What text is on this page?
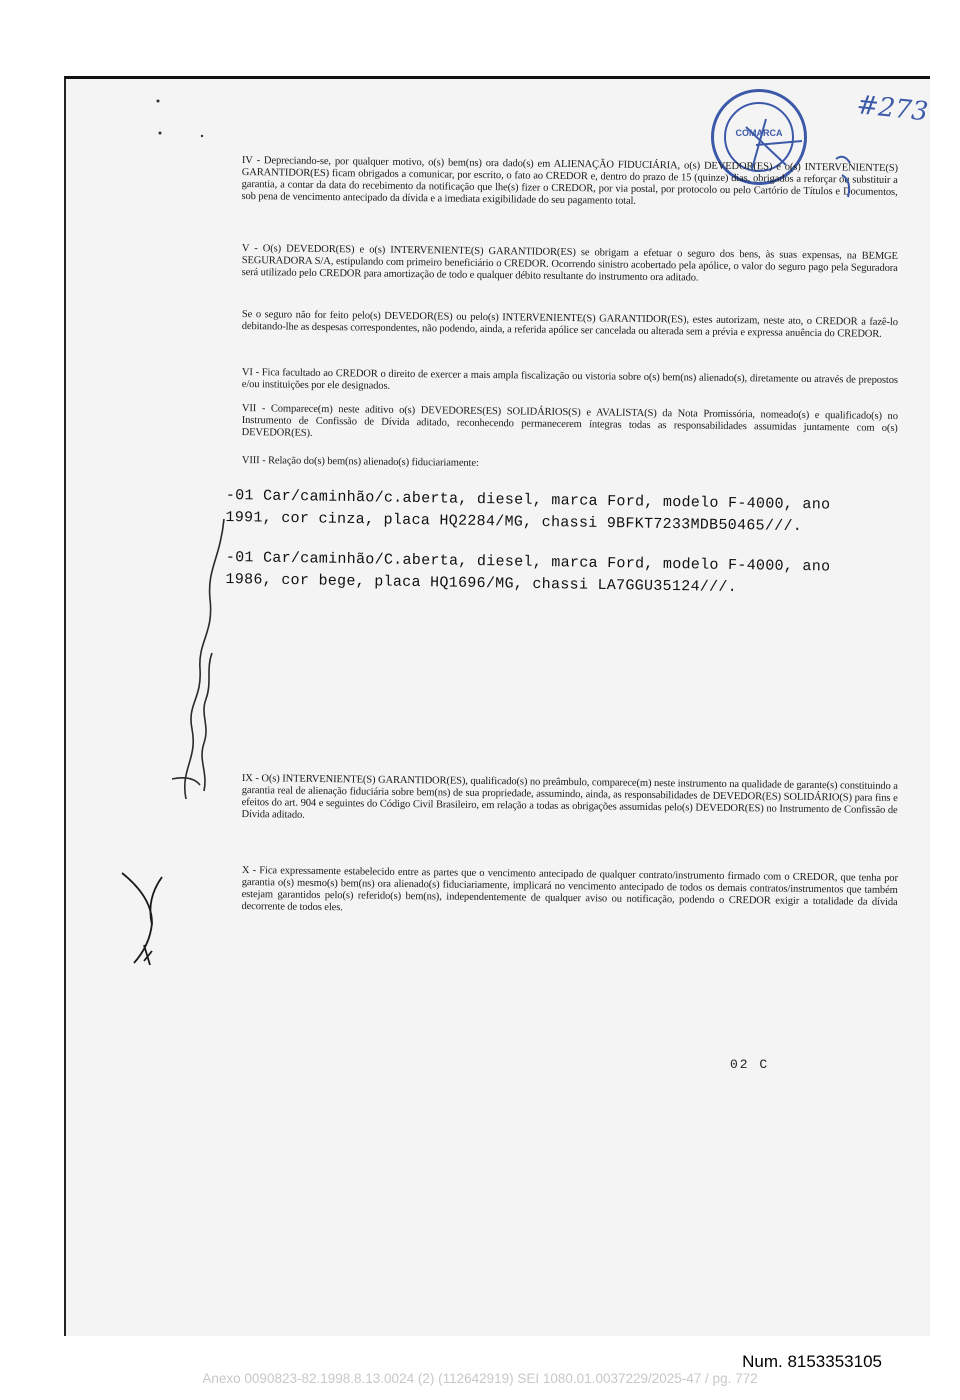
COMARCA
IV - Depreciando-se, por qualquer motivo, o(s) bem(ns) ora dado(s) em ALIENAÇÃO FIDUCIÁRIA, o(s) DEVEDOR(ES) e o(s) INTERVENIENTE(S) GARANTIDOR(ES) ficam obrigados a comunicar, por escrito, o fato ao CREDOR e, dentro do prazo de 15 (quinze) dias, obrigados a reforçar ou substituir a garantia, a contar da data do recebimento da notificação que lhe(s) fizer o CREDOR, por via postal, por protocolo ou pelo Cartório de Títulos e Documentos, sob pena de vencimento antecipado da dívida e a imediata exigibilidade do seu pagamento total.
V - O(s) DEVEDOR(ES) e o(s) INTERVENIENTE(S) GARANTIDOR(ES) se obrigam a efetuar o seguro dos bens, às suas expensas, na BEMGE SEGURADORA S/A, estipulando com primeiro beneficiário o CREDOR. Ocorrendo sinistro acobertado pela apólice, o valor do seguro pago pela Seguradora será utilizado pelo CREDOR para amortização de todo e qualquer débito resultante do instrumento ora aditado.
Se o seguro não for feito pelo(s) DEVEDOR(ES) ou pelo(s) INTERVENIENTE(S) GARANTIDOR(ES), estes autorizam, neste ato, o CREDOR a fazê-lo debitando-lhe as despesas correspondentes, não podendo, ainda, a referida apólice ser cancelada ou alterada sem a prévia e expressa anuência do CREDOR.
VI - Fica facultado ao CREDOR o direito de exercer a mais ampla fiscalização ou vistoria sobre o(s) bem(ns) alienado(s), diretamente ou através de prepostos e/ou instituições por ele designados.
VII - Comparece(m) neste aditivo o(s) DEVEDORES(ES) SOLIDÁRIOS(S) e AVALISTA(S) da Nota Promissória, nomeado(s) e qualificado(s) no Instrumento de Confissão de Dívida aditado, reconhecendo permanecerem íntegras todas as responsabilidades assumidas juntamente com o(s) DEVEDOR(ES).
VIII - Relação do(s) bem(ns) alienado(s) fiduciariamente:
-01 Car/caminhão/c.aberta, diesel, marca Ford, modelo F-4000, ano
1991, cor cinza, placa HQ2284/MG, chassi 9BFKT7233MDB50465///.
-01 Car/caminhão/C.aberta, diesel, marca Ford, modelo F-4000, ano
1986, cor bege, placa HQ1696/MG, chassi LA7GGU35124///.
IX - O(s) INTERVENIENTE(S) GARANTIDOR(ES), qualificado(s) no preâmbulo, comparece(m) neste instrumento na qualidade de garante(s) constituindo a garantia real de alienação fiduciária sobre bem(ns) de sua propriedade, assumindo, ainda, as responsabilidades de DEVEDOR(ES) SOLIDÁRIO(S) para fins e efeitos do art. 904 e seguintes do Código Civil Brasileiro, em relação a todas as obrigações assumidas pelo(s) DEVEDOR(ES) no Instrumento de Confissão de Dívida aditado.
X - Fica expressamente estabelecido entre as partes que o vencimento antecipado de qualquer contrato/instrumento firmado com o CREDOR, que tenha por garantia o(s) mesmo(s) bem(ns) ora alienado(s) fiduciariamente, implicará no vencimento antecipado de todos os demais contratos/instrumentos que também estejam garantidos pelo(s) referido(s) bem(ns), independentemente de qualquer aviso ou notificação, podendo o CREDOR exigir a totalidade da dívida decorrente de todos eles.
02 C
#273
Num. 8153353105
Anexo 0090823-82.1998.8.13.0024 (2) (112642919) SEI 1080.01.0037229/2025-47 / pg. 772
